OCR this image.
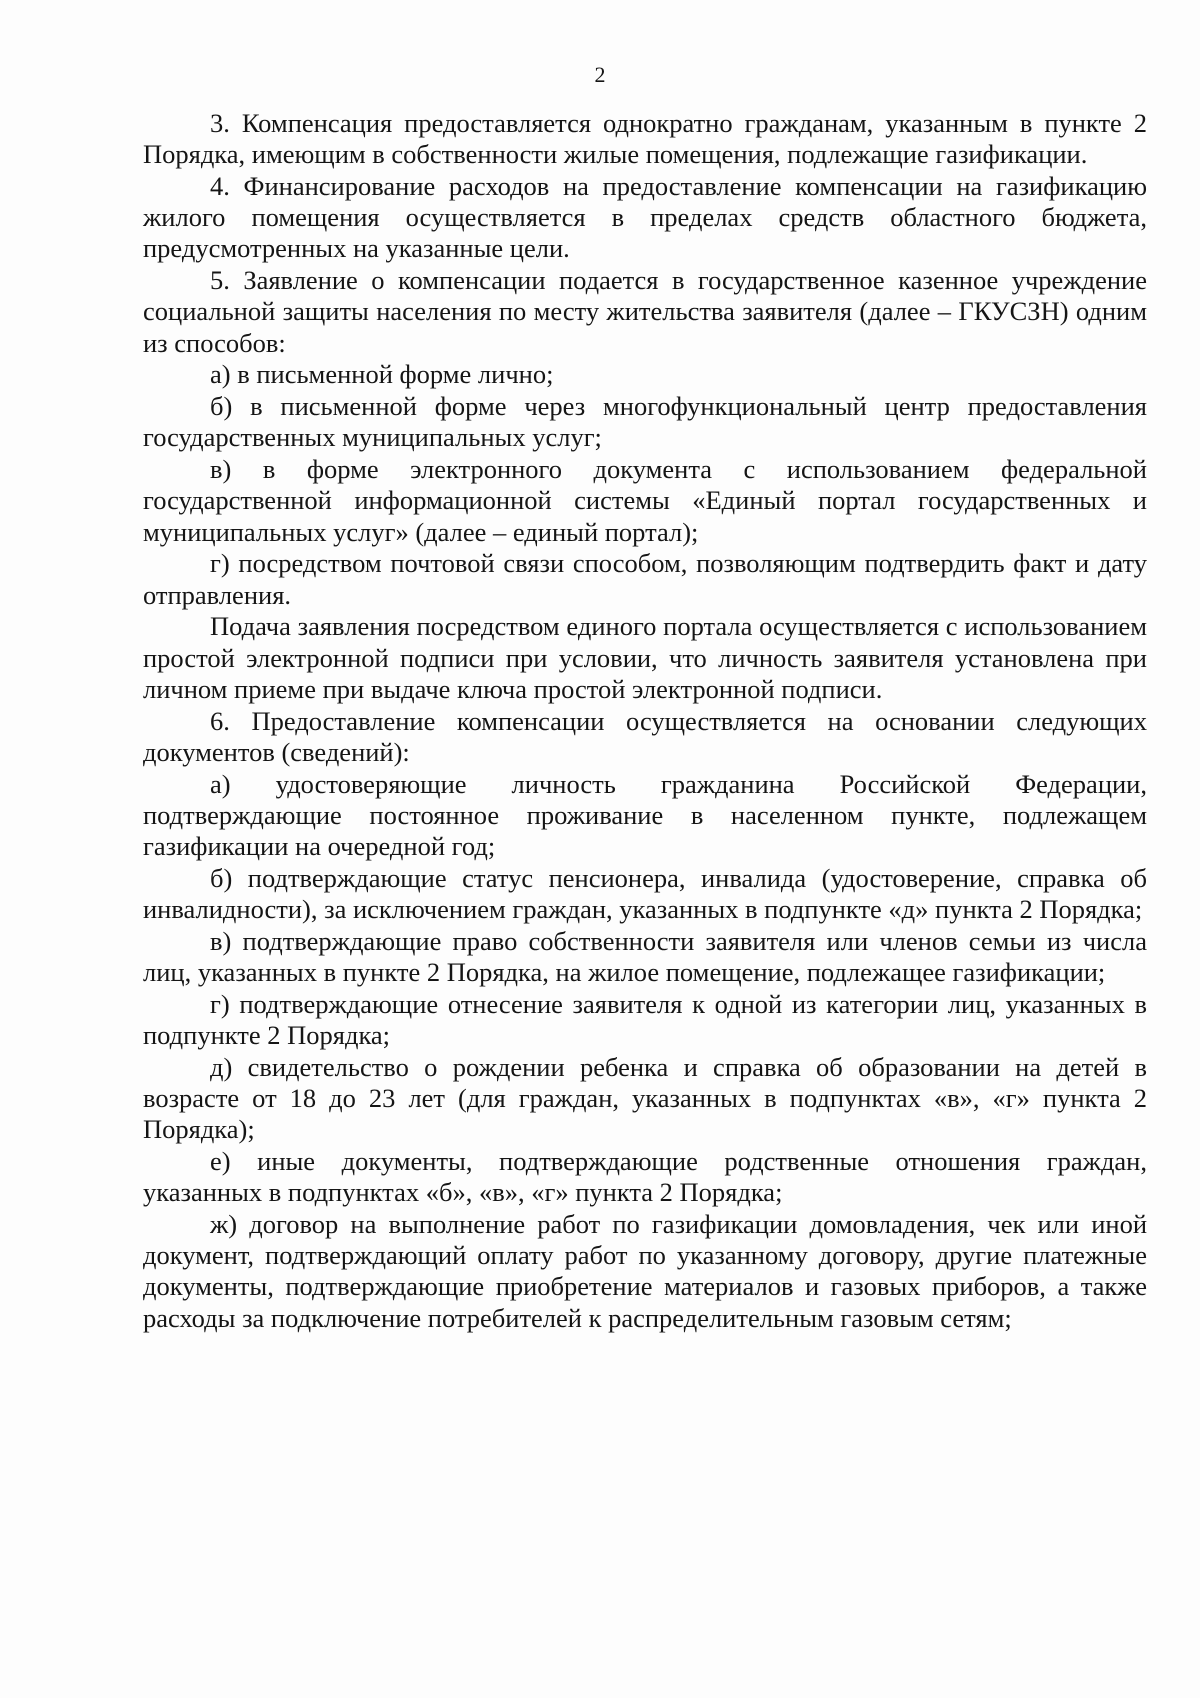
2

3. Компенсация предоставляется однократно гражданам, указанным в пункте 2 Порядка, имеющим в собственности жилые помещения, подлежащие газификации.

4. Финансирование расходов на предоставление компенсации на газификацию жилого помещения осуществляется в пределах средств областного бюджета, предусмотренных на указанные цели.

5. Заявление о компенсации подается в государственное казенное учреждение социальной защиты населения по месту жительства заявителя (далее – ГКУСЗН) одним из способов:

а) в письменной форме лично;

б) в письменной форме через многофункциональный центр предоставления государственных муниципальных услуг;

в) в форме электронного документа с использованием федеральной государственной информационной системы «Единый портал государственных и муниципальных услуг» (далее – единый портал);

г) посредством почтовой связи способом, позволяющим подтвердить факт и дату отправления.

Подача заявления посредством единого портала осуществляется с использованием простой электронной подписи при условии, что личность заявителя установлена при личном приеме при выдаче ключа простой электронной подписи.

6. Предоставление компенсации осуществляется на основании следующих документов (сведений):

а) удостоверяющие личность гражданина Российской Федерации, подтверждающие постоянное проживание в населенном пункте, подлежащем газификации на очередной год;

б) подтверждающие статус пенсионера, инвалида (удостоверение, справка об инвалидности), за исключением граждан, указанных в подпункте «д» пункта 2 Порядка;

в) подтверждающие право собственности заявителя или членов семьи из числа лиц, указанных в пункте 2 Порядка, на жилое помещение, подлежащее газификации;

г) подтверждающие отнесение заявителя к одной из категории лиц, указанных в подпункте 2 Порядка;

д) свидетельство о рождении ребенка и справка об образовании на детей в возрасте от 18 до 23 лет (для граждан, указанных в подпунктах «в», «г» пункта 2 Порядка);

е) иные документы, подтверждающие родственные отношения граждан, указанных в подпунктах «б», «в», «г» пункта 2 Порядка;

ж) договор на выполнение работ по газификации домовладения, чек или иной документ, подтверждающий оплату работ по указанному договору, другие платежные документы, подтверждающие приобретение материалов и газовых приборов, а также расходы за подключение потребителей к распределительным газовым сетям;
